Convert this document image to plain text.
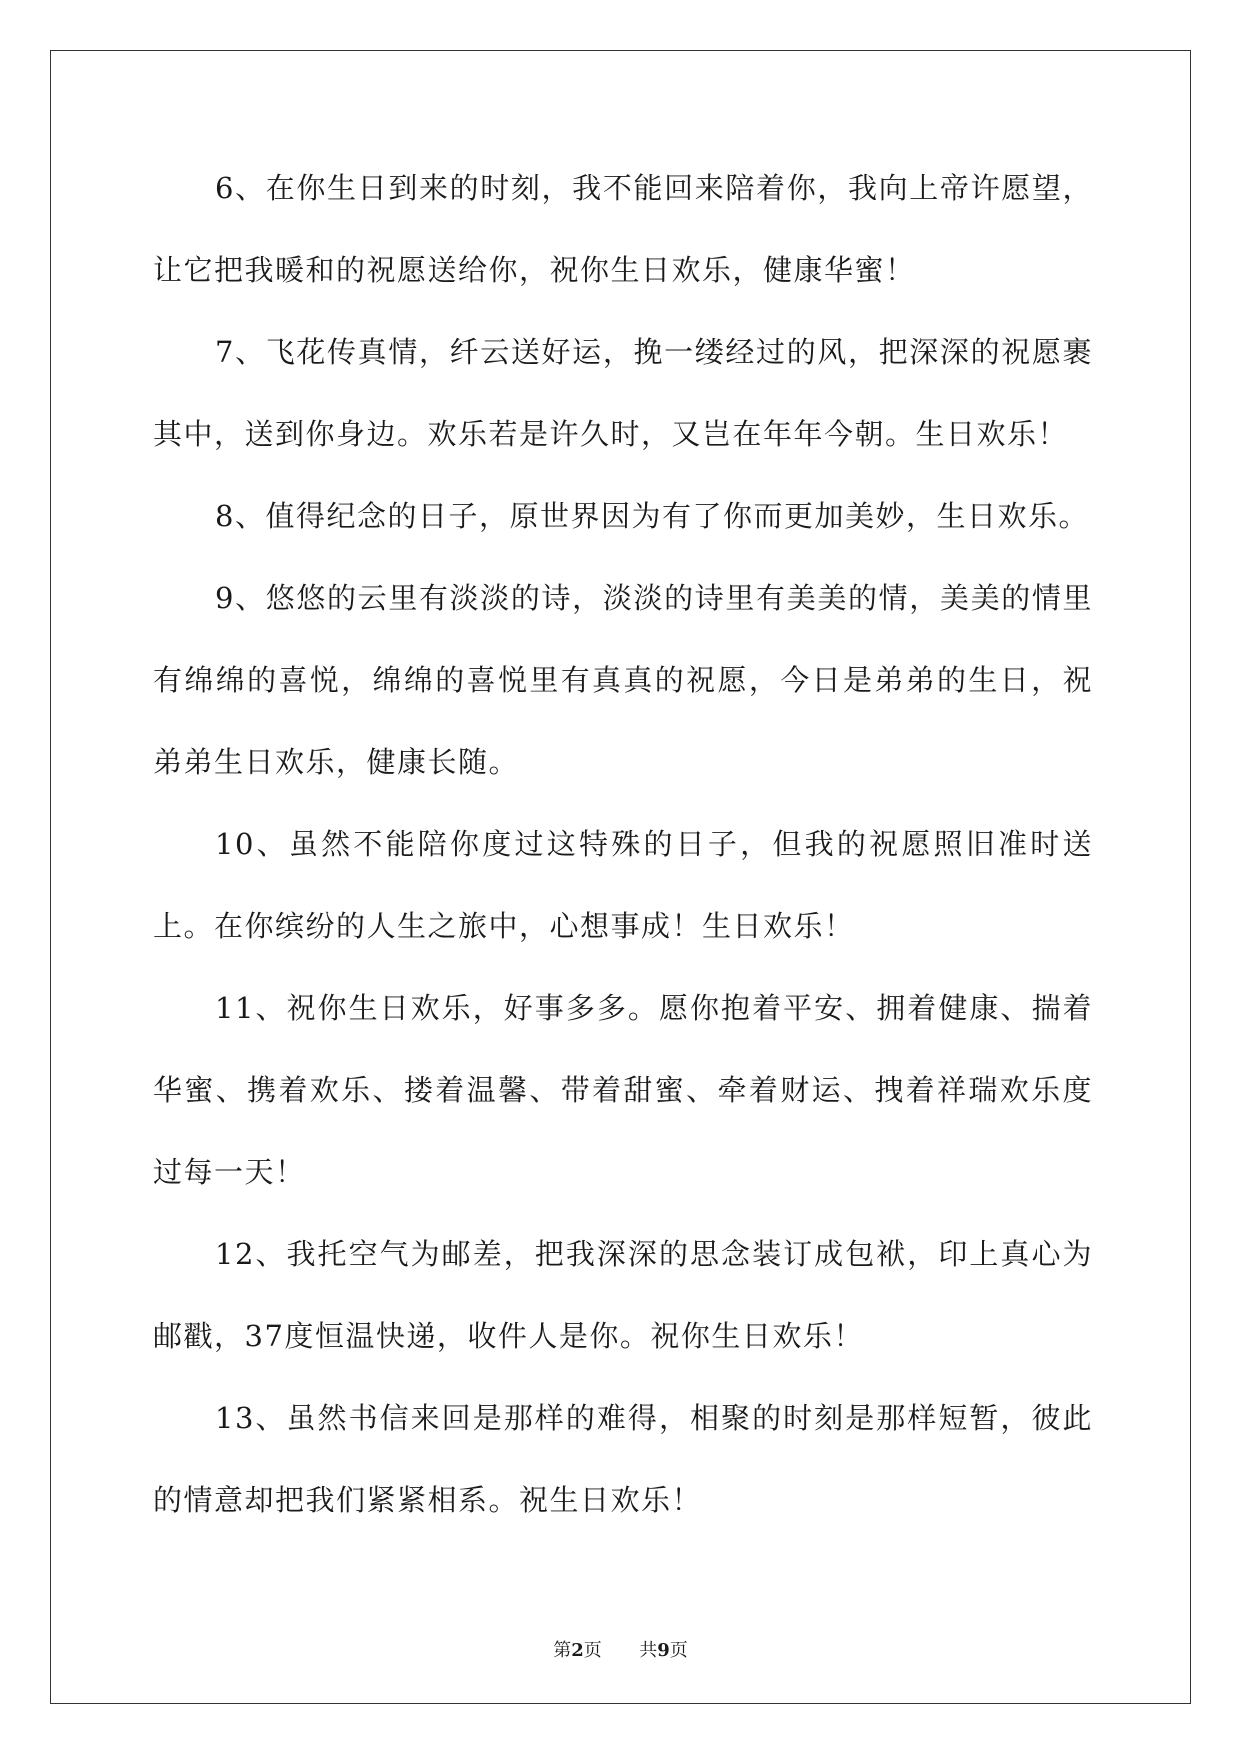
6、在你生日到来的时刻，我不能回来陪着你，我向上帝许愿望，让它把我暖和的祝愿送给你，祝你生日欢乐，健康华蜜！

7、飞花传真情，纤云送好运，挽一缕经过的风，把深深的祝愿裹其中，送到你身边。欢乐若是许久时，又岂在年年今朝。生日欢乐！

8、值得纪念的日子，原世界因为有了你而更加美妙，生日欢乐。

9、悠悠的云里有淡淡的诗，淡淡的诗里有美美的情，美美的情里有绵绵的喜悦，绵绵的喜悦里有真真的祝愿，今日是弟弟的生日，祝弟弟生日欢乐，健康长随。

10、虽然不能陪你度过这特殊的日子，但我的祝愿照旧准时送上。在你缤纷的人生之旅中，心想事成！生日欢乐！

11、祝你生日欢乐，好事多多。愿你抱着平安、拥着健康、揣着华蜜、携着欢乐、搂着温馨、带着甜蜜、牵着财运、拽着祥瑞欢乐度过每一天！

12、我托空气为邮差，把我深深的思念装订成包袱，印上真心为邮戳，37度恒温快递，收件人是你。祝你生日欢乐！

13、虽然书信来回是那样的难得，相聚的时刻是那样短暂，彼此的情意却把我们紧紧相系。祝生日欢乐！

第2页 共9页
